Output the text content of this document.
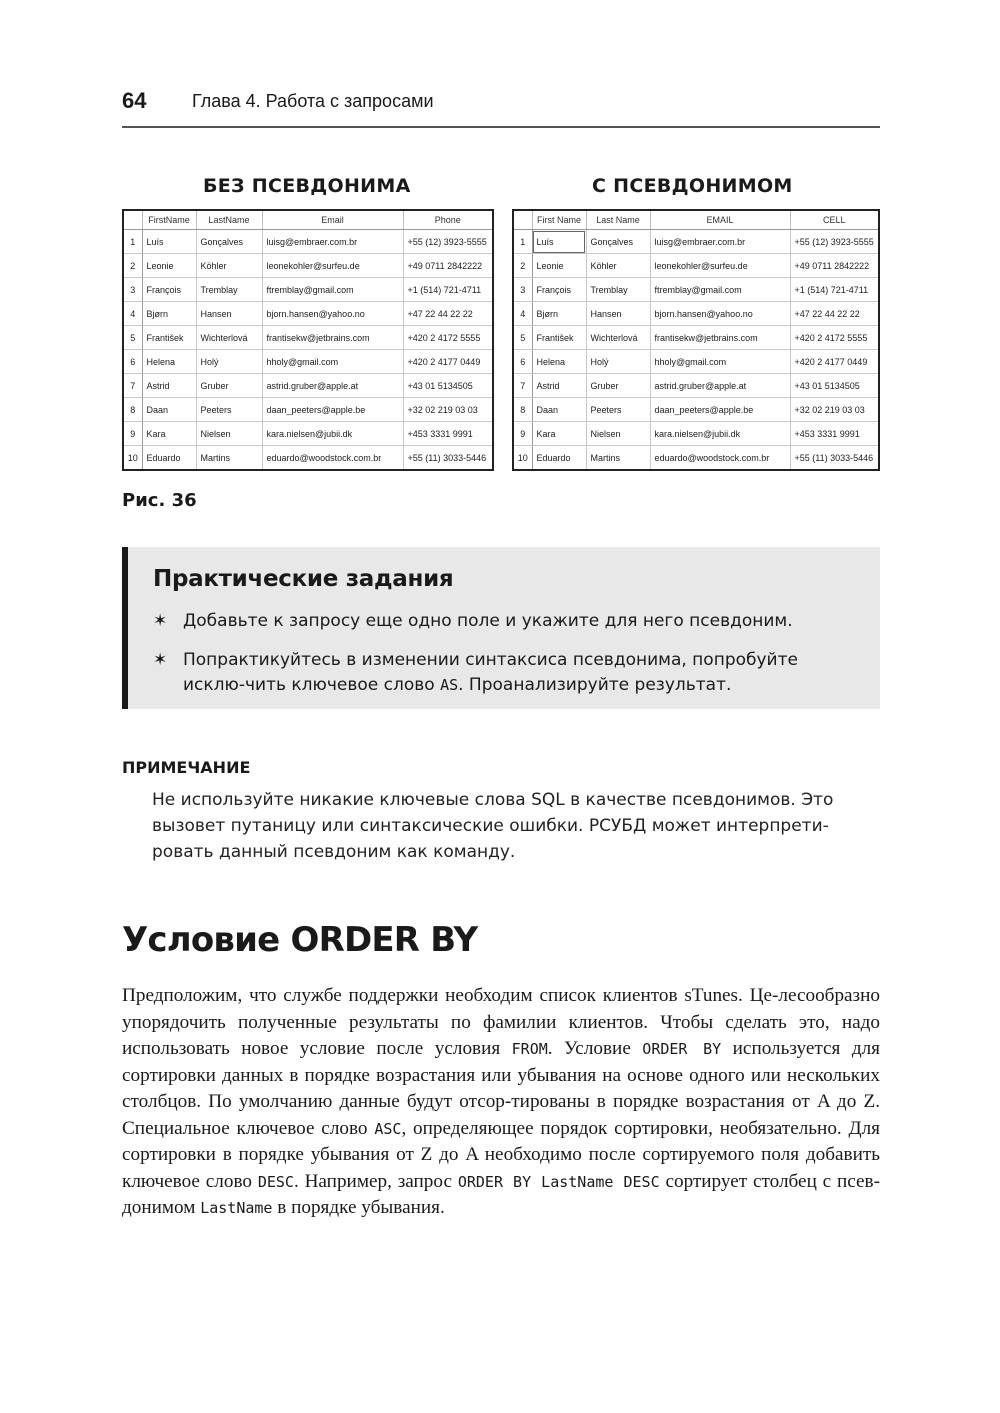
64	Глава 4. Работа с запросами
БЕЗ ПСЕВДОНИМА	С ПСЕВДОНИМОМ
	FirstName	LastName	Email	Phone
1	Luís	Gonçalves	luisg@embraer.com.br	+55 (12) 3923-5555
2	Leonie	Köhler	leonekohler@surfeu.de	+49 0711 2842222
3	François	Tremblay	ftremblay@gmail.com	+1 (514) 721-4711
4	Bjørn	Hansen	bjorn.hansen@yahoo.no	+47 22 44 22 22
5	František	Wichterlová	frantisekw@jetbrains.com	+420 2 4172 5555
6	Helena	Holý	hholy@gmail.com	+420 2 4177 0449
7	Astrid	Gruber	astrid.gruber@apple.at	+43 01 5134505
8	Daan	Peeters	daan_peeters@apple.be	+32 02 219 03 03
9	Kara	Nielsen	kara.nielsen@jubii.dk	+453 3331 9991
10	Eduardo	Martins	eduardo@woodstock.com.br	+55 (11) 3033-5446
	First Name	Last Name	EMAIL	CELL
1	Luís	Gonçalves	luisg@embraer.com.br	+55 (12) 3923-5555
2	Leonie	Köhler	leonekohler@surfeu.de	+49 0711 2842222
3	François	Tremblay	ftremblay@gmail.com	+1 (514) 721-4711
4	Bjørn	Hansen	bjorn.hansen@yahoo.no	+47 22 44 22 22
5	František	Wichterlová	frantisekw@jetbrains.com	+420 2 4172 5555
6	Helena	Holý	hholy@gmail.com	+420 2 4177 0449
7	Astrid	Gruber	astrid.gruber@apple.at	+43 01 5134505
8	Daan	Peeters	daan_peeters@apple.be	+32 02 219 03 03
9	Kara	Nielsen	kara.nielsen@jubii.dk	+453 3331 9991
10	Eduardo	Martins	eduardo@woodstock.com.br	+55 (11) 3033-5446
Рис. 36
Практические задания
✶ Добавьте к запросу еще одно поле и укажите для него псевдоним.
✶ Попрактикуйтесь в изменении синтаксиса псевдонима, попробуйте исклю-чить ключевое слово AS. Проанализируйте результат.
ПРИМЕЧАНИЕ
Не используйте никакие ключевые слова SQL в качестве псевдонимов. Это вызовет путаницу или синтаксические ошибки. РСУБД может интерпрети-ровать данный псевдоним как команду.
Условие ORDER BY
Предположим, что службе поддержки необходим список клиентов sTunes. Це-лесообразно упорядочить полученные результаты по фамилии клиентов. Чтобы сделать это, надо использовать новое условие после условия FROM. Условие ORDER BY используется для сортировки данных в порядке возрастания или убывания на основе одного или нескольких столбцов. По умолчанию данные будут отсор-тированы в порядке возрастания от A до Z. Специальное ключевое слово ASC, определяющее порядок сортировки, необязательно. Для сортировки в порядке убывания от Z до A необходимо после сортируемого поля добавить ключевое слово DESC. Например, запрос ORDER BY LastName DESC сортирует столбец с псев-донимом LastName в порядке убывания.
